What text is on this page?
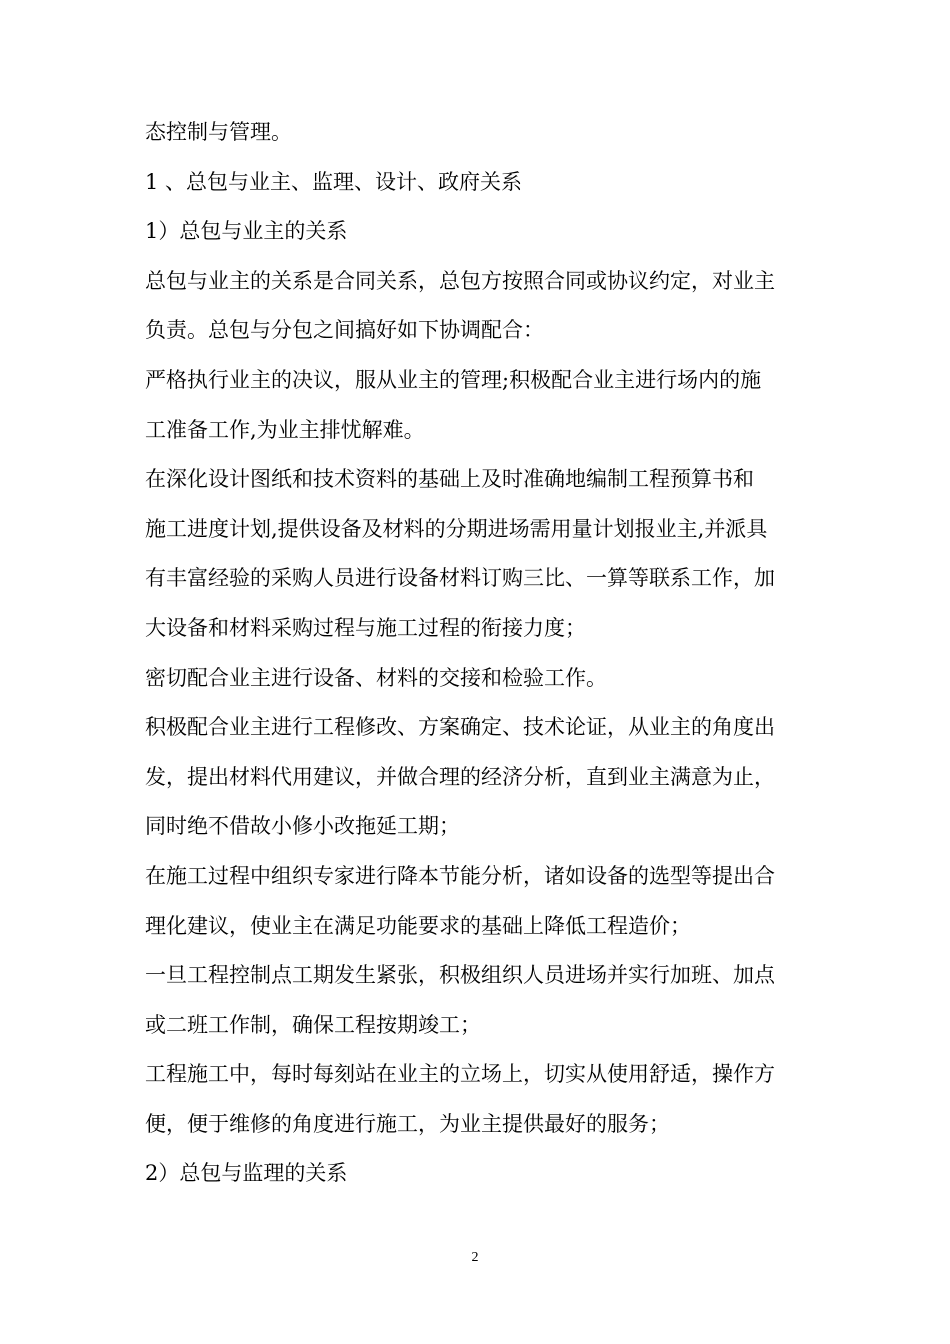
态控制与管理。
1 、总包与业主、监理、设计、政府关系
1）总包与业主的关系
总包与业主的关系是合同关系，总包方按照合同或协议约定，对业主
负责。总包与分包之间搞好如下协调配合：
严格执行业主的决议，服从业主的管理;积极配合业主进行场内的施
工准备工作,为业主排忧解难。
在深化设计图纸和技术资料的基础上及时准确地编制工程预算书和
施工进度计划,提供设备及材料的分期进场需用量计划报业主,并派具
有丰富经验的采购人员进行设备材料订购三比、一算等联系工作，加
大设备和材料采购过程与施工过程的衔接力度；
密切配合业主进行设备、材料的交接和检验工作。
积极配合业主进行工程修改、方案确定、技术论证，从业主的角度出
发，提出材料代用建议，并做合理的经济分析，直到业主满意为止，
同时绝不借故小修小改拖延工期；
在施工过程中组织专家进行降本节能分析，诸如设备的选型等提出合
理化建议，使业主在满足功能要求的基础上降低工程造价；
一旦工程控制点工期发生紧张，积极组织人员进场并实行加班、加点
或二班工作制，确保工程按期竣工；
工程施工中，每时每刻站在业主的立场上，切实从使用舒适，操作方
便，便于维修的角度进行施工，为业主提供最好的服务；
2）总包与监理的关系
2
